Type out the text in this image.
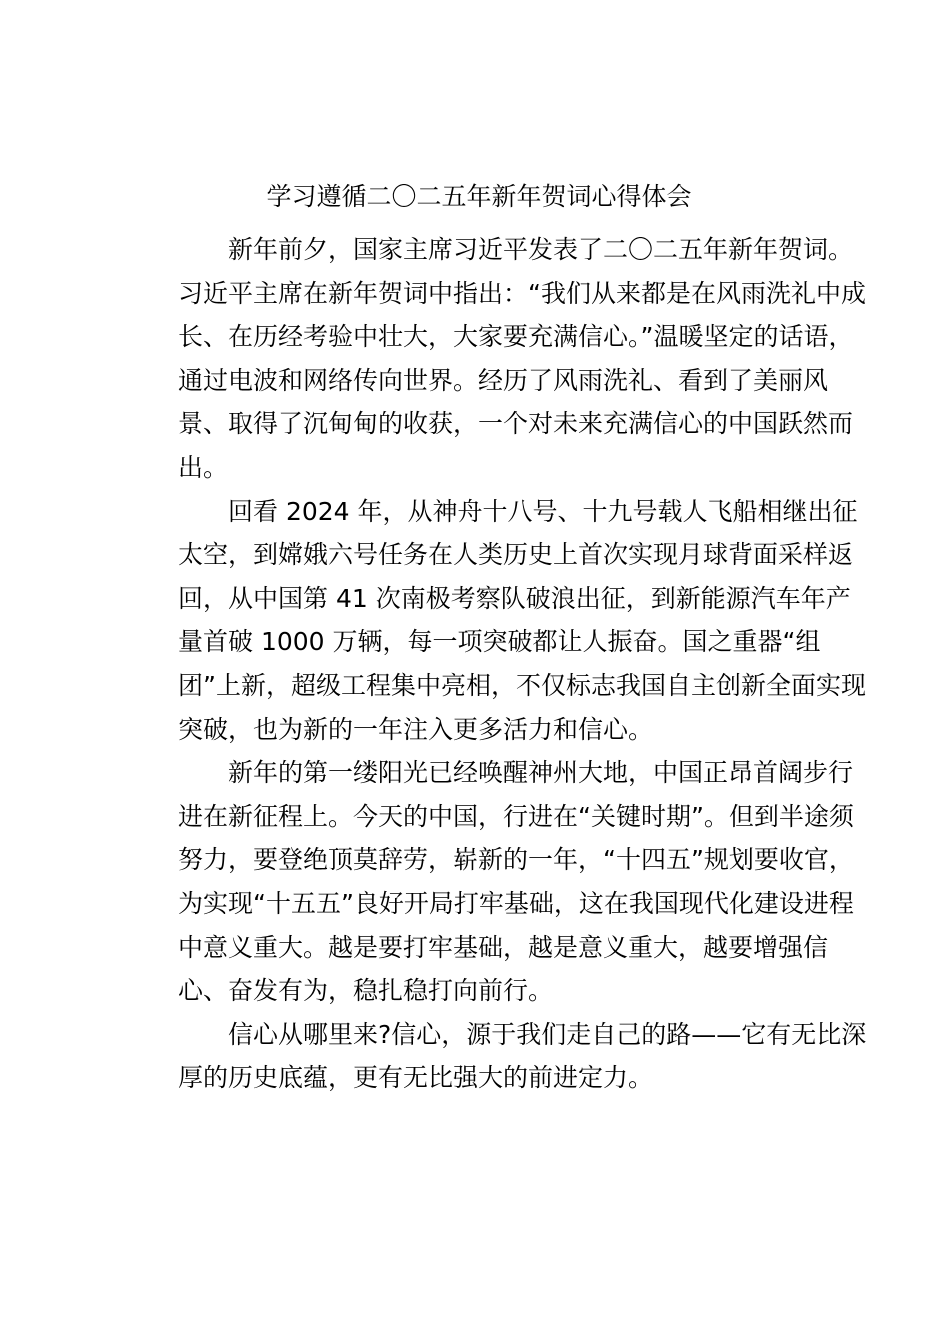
学习遵循二〇二五年新年贺词心得体会
新年前夕，国家主席习近平发表了二〇二五年新年贺词。
习近平主席在新年贺词中指出：“我们从来都是在风雨洗礼中成
长、在历经考验中壮大，大家要充满信心。”温暖坚定的话语，
通过电波和网络传向世界。经历了风雨洗礼、看到了美丽风
景、取得了沉甸甸的收获，一个对未来充满信心的中国跃然而
出。
回看 2024 年，从神舟十八号、十九号载人飞船相继出征
太空，到嫦娥六号任务在人类历史上首次实现月球背面采样返
回，从中国第 41 次南极考察队破浪出征，到新能源汽车年产
量首破 1000 万辆，每一项突破都让人振奋。国之重器“组
团”上新，超级工程集中亮相，不仅标志我国自主创新全面实现
突破，也为新的一年注入更多活力和信心。
新年的第一缕阳光已经唤醒神州大地，中国正昂首阔步行
进在新征程上。今天的中国，行进在“关键时期”。但到半途须
努力，要登绝顶莫辞劳，崭新的一年，“十四五”规划要收官，
为实现“十五五”良好开局打牢基础，这在我国现代化建设进程
中意义重大。越是要打牢基础，越是意义重大，越要增强信
心、奋发有为，稳扎稳打向前行。
信心从哪里来?信心，源于我们走自己的路——它有无比深
厚的历史底蕴，更有无比强大的前进定力。
